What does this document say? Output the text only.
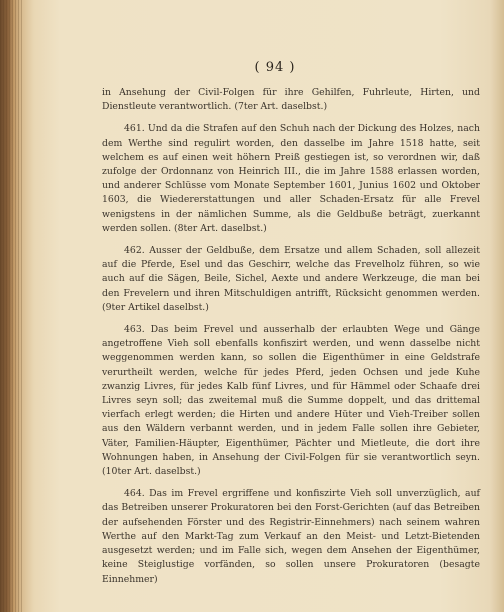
( 94 )

in Ansehung der Civil-Folgen für ihre Gehilfen, Fuhrleute, Hirten, und Dienstleute verantwortlich. (7ter Art. daselbst.)

461. Und da die Strafen auf den Schuh nach der Dickung des Holzes, nach dem Werthe sind regulirt worden, den dasselbe im Jahre 1518 hatte, seit welchem es auf einen weit höhern Preiß gestiegen ist, so verordnen wir, daß zufolge der Ordonnanz von Heinrich III., die im Jahre 1588 erlassen worden, und anderer Schlüsse vom Monate September 1601, Junius 1602 und Oktober 1603, die Wiedererstattungen und aller Schaden-Ersatz für alle Frevel wenigstens in der nämlichen Summe, als die Geldbuße beträgt, zuerkannt werden sollen. (8ter Art. daselbst.)

462. Ausser der Geldbuße, dem Ersatze und allem Schaden, soll allezeit auf die Pferde, Esel und das Geschirr, welche das Frevelholz führen, so wie auch auf die Sägen, Beile, Sichel, Aexte und andere Werkzeuge, die man bei den Frevelern und ihren Mitschuldigen antrifft, Rücksicht genommen werden. (9ter Artikel daselbst.)

463. Das beim Frevel und ausserhalb der erlaubten Wege und Gänge angetroffene Vieh soll ebenfalls konfiszirt werden, und wenn dasselbe nicht weggenommen werden kann, so sollen die Eigenthümer in eine Geldstrafe verurtheilt werden, welche für jedes Pferd, jeden Ochsen und jede Kuhe zwanzig Livres, für jedes Kalb fünf Livres, und für Hämmel oder Schaafe drei Livres seyn soll; das zweitemal muß die Summe doppelt, und das drittemal vierfach erlegt werden; die Hirten und andere Hüter und Vieh-Treiber sollen aus den Wäldern verbannt werden, und in jedem Falle sollen ihre Gebieter, Väter, Familien-Häupter, Eigenthümer, Pächter und Mietleute, die dort ihre Wohnungen haben, in Ansehung der Civil-Folgen für sie verantwortlich seyn. (10ter Art. daselbst.)

464. Das im Frevel ergriffene und konfiszirte Vieh soll unverzüglich, auf das Betreiben unserer Prokuratoren bei den Forst-Gerichten (auf das Betreiben der aufsehenden Förster und des Registrir-Einnehmers) nach seinem wahren Werthe auf den Markt-Tag zum Verkauf an den Meist- und Letzt-Bietenden ausgesetzt werden; und im Falle sich, wegen dem Ansehen der Eigenthümer, keine Steiglustige vorfänden, so sollen unsere Prokuratoren (besagte Einnehmer)
